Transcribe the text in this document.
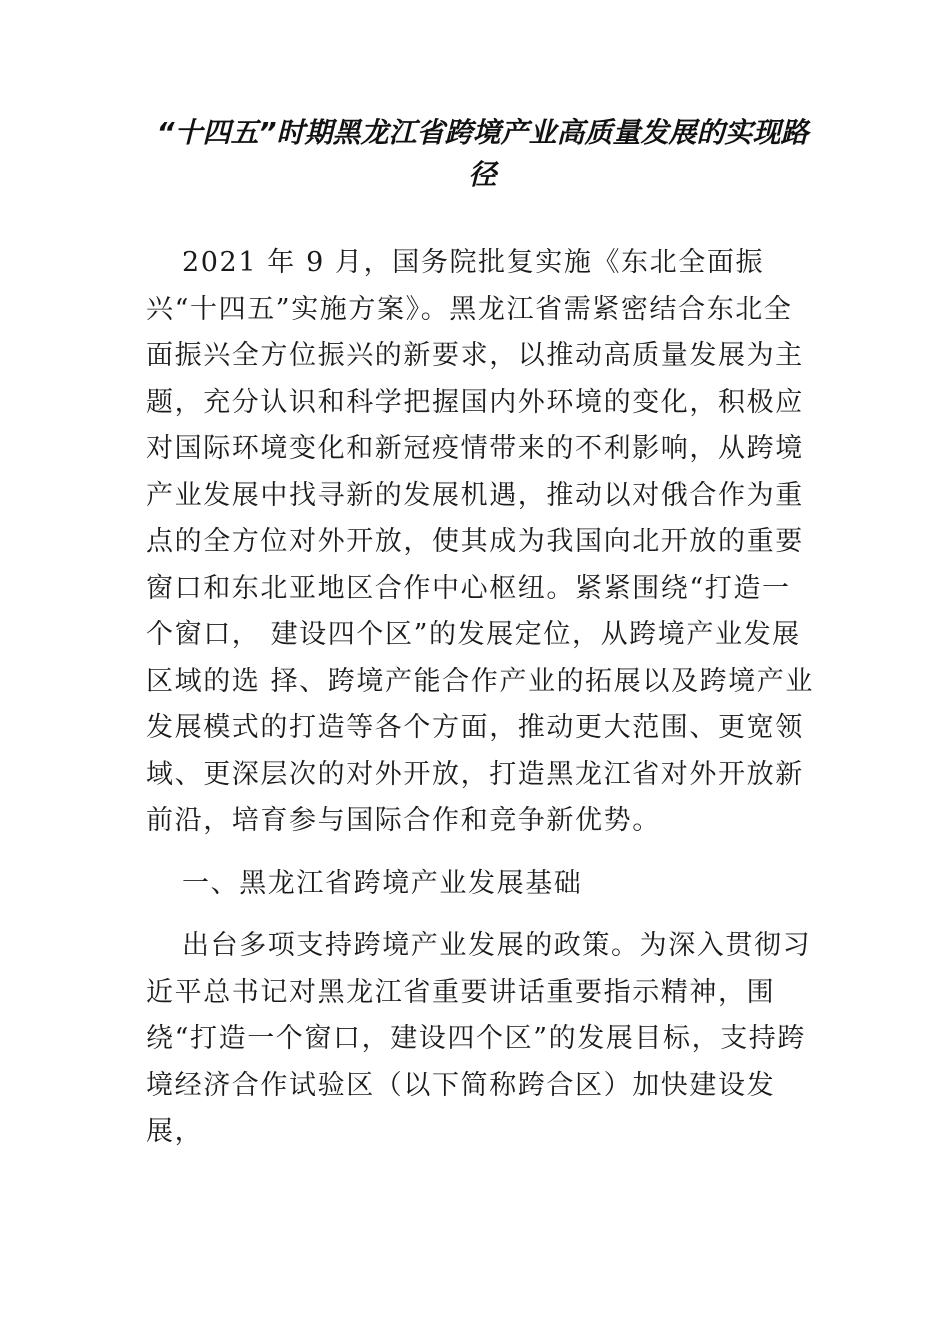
“十四五”时期黑龙江省跨境产业高质量发展的实现路径

2021 年 9 月，国务院批复实施《东北全面振兴“十四五”实施方案》。黑龙江省需紧密结合东北全面振兴全方位振兴的新要求，以推动高质量发展为主题，充分认识和科学把握国内外环境的变化，积极应对国际环境变化和新冠疫情带来的不利影响，从跨境产业发展中找寻新的发展机遇，推动以对俄合作为重点的全方位对外开放，使其成为我国向北开放的重要窗口和东北亚地区合作中心枢纽。紧紧围绕“打造一个窗口， 建设四个区”的发展定位，从跨境产业发展区域的选 择、跨境产能合作产业的拓展以及跨境产业发展模式的打造等各个方面，推动更大范围、更宽领域、更深层次的对外开放，打造黑龙江省对外开放新前沿，培育参与国际合作和竞争新优势。

一、黑龙江省跨境产业发展基础

出台多项支持跨境产业发展的政策。为深入贯彻习近平总书记对黑龙江省重要讲话重要指示精神，围绕“打造一个窗口，建设四个区”的发展目标，支持跨境经济合作试验区（以下简称跨合区）加快建设发展，
